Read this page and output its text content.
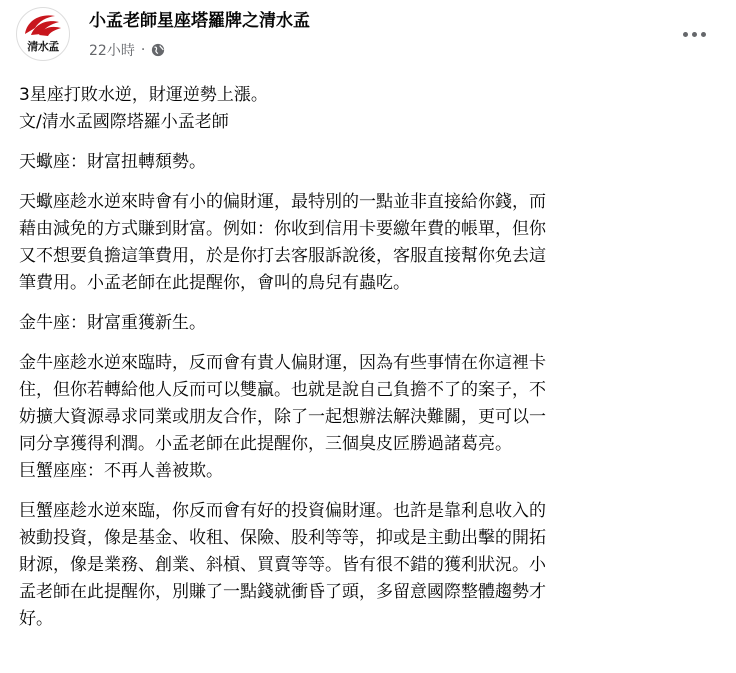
清水孟
小孟老師星座塔羅牌之清水孟
22小時 ·

3星座打敗水逆，財運逆勢上漲。
文/清水孟國際塔羅小孟老師

天蠍座：財富扭轉頹勢。

天蠍座趁水逆來時會有小的偏財運，最特別的一點並非直接給你錢，而
藉由減免的方式賺到財富。例如：你收到信用卡要繳年費的帳單，但你
又不想要負擔這筆費用，於是你打去客服訴說後，客服直接幫你免去這
筆費用。小孟老師在此提醒你，會叫的鳥兒有蟲吃。

金牛座：財富重獲新生。

金牛座趁水逆來臨時，反而會有貴人偏財運，因為有些事情在你這裡卡
住，但你若轉給他人反而可以雙贏。也就是說自己負擔不了的案子，不
妨擴大資源尋求同業或朋友合作，除了一起想辦法解決難關，更可以一
同分享獲得利潤。小孟老師在此提醒你，三個臭皮匠勝過諸葛亮。

巨蟹座座：不再人善被欺。

巨蟹座趁水逆來臨，你反而會有好的投資偏財運。也許是靠利息收入的
被動投資，像是基金、收租、保險、股利等等，抑或是主動出擊的開拓
財源，像是業務、創業、斜槓、買賣等等。皆有很不錯的獲利狀況。小
孟老師在此提醒你，別賺了一點錢就衝昏了頭，多留意國際整體趨勢才
好。
